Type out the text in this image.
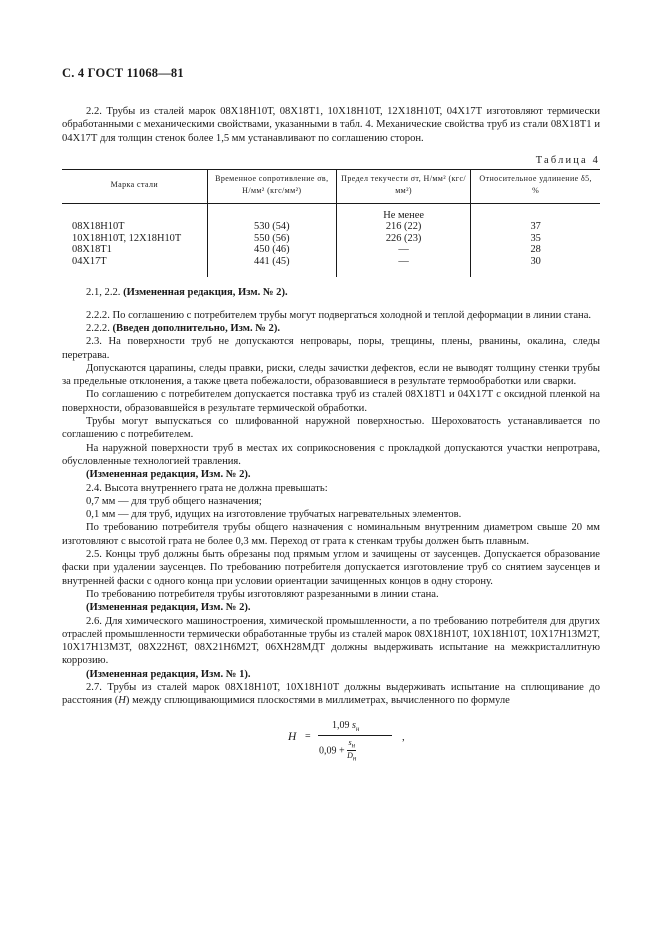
С. 4 ГОСТ 11068—81

2.2. Трубы из сталей марок 08Х18Н10Т, 08Х18Т1, 10Х18Н10Т, 12Х18Н10Т, 04Х17Т изготовляют термически обработанными с механическими свойствами, указанными в табл. 4. Механические свойства труб из стали 08Х18Т1 и 04Х17Т для толщин стенок более 1,5 мм устанавливают по соглашению сторон.

Таблица 4
Марка стали	Временное сопротивление σв, Н/мм² (кгс/мм²)	Предел текучести σт, Н/мм² (кгс/мм²)	Относительное удлинение δ5, %
		Не менее	
08Х18Н10Т	530 (54)	216 (22)	37
10Х18Н10Т, 12Х18Н10Т	550 (56)	226 (23)	35
08Х18Т1	450 (46)	—	28
04Х17Т	441 (45)	—	30

2.1, 2.2. (Измененная редакция, Изм. № 2).

2.2.2. По соглашению с потребителем трубы могут подвергаться холодной и теплой деформации в линии стана.

2.2.2. (Введен дополнительно, Изм. № 2).

2.3. На поверхности труб не допускаются непровары, поры, трещины, плены, рванины, окалина, следы перетрава.

Допускаются царапины, следы правки, риски, следы зачистки дефектов, если не выводят толщину стенки трубы за предельные отклонения, а также цвета побежалости, образовавшиеся в результате термообработки или сварки.

По соглашению с потребителем допускается поставка труб из сталей 08Х18Т1 и 04Х17Т с оксидной пленкой на поверхности, образовавшейся в результате термической обработки.

Трубы могут выпускаться со шлифованной наружной поверхностью. Шероховатость устанавливается по соглашению с потребителем.

На наружной поверхности труб в местах их соприкосновения с прокладкой допускаются участки непротрава, обусловленные технологией травления.

(Измененная редакция, Изм. № 2).

2.4. Высота внутреннего грата не должна превышать:

0,7 мм — для труб общего назначения;

0,1 мм — для труб, идущих на изготовление трубчатых нагревательных элементов.

По требованию потребителя трубы общего назначения с номинальным внутренним диаметром свыше 20 мм изготовляют с высотой грата не более 0,3 мм. Переход от грата к стенкам трубы должен быть плавным.

2.5. Концы труб должны быть обрезаны под прямым углом и зачищены от заусенцев. Допускается образование фаски при удалении заусенцев. По требованию потребителя допускается изготовление труб со снятием заусенцев и внутренней фаски с одного конца при условии ориентации зачищенных концов в одну сторону.

По требованию потребителя трубы изготовляют разрезанными в линии стана.

(Измененная редакция, Изм. № 2).

2.6. Для химического машиностроения, химической промышленности, а по требованию потребителя для других отраслей промышленности термически обработанные трубы из сталей марок 08Х18Н10Т, 10Х18Н10Т, 10Х17Н13М2Т, 10Х17Н13М3Т, 08Х22Н6Т, 08Х21Н6М2Т, 06ХН28МДТ должны выдерживать испытание на межкристаллитную коррозию.

(Измененная редакция, Изм. № 1).

2.7. Трубы из сталей марок 08Х18Н10Т, 10Х18Н10Т должны выдерживать испытание на сплющивание до расстояния (H) между сплющивающимися плоскостями в миллиметрах, вычисленного по формуле

H =
1,09 $s_н$
$0,09 + \frac{s_н}{D_н}$
,
